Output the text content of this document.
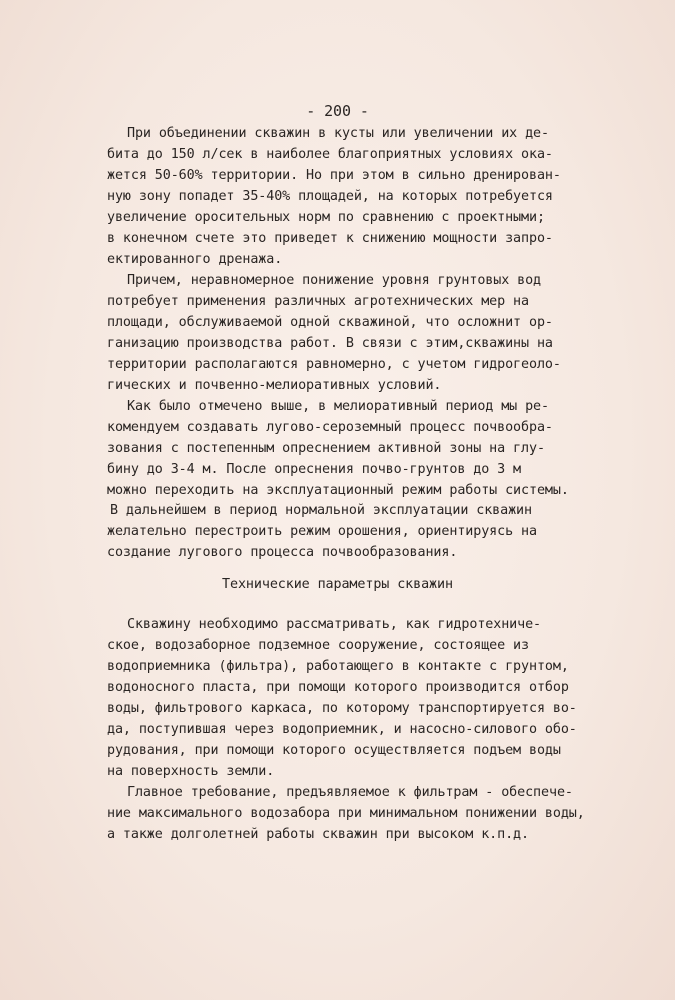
- 200 -
При объединении скважин в кусты или увеличении их де-
бита до 150 л/сек в наиболее благоприятных условиях ока-
жется 50-60% территории. Но при этом в сильно дренирован-
ную зону попадет 35-40% площадей, на которых потребуется
увеличение оросительных норм по сравнению с проектными;
в конечном счете это приведет к снижению мощности запро-
ектированного дренажа.
Причем, неравномерное понижение уровня грунтовых вод
потребует применения различных агротехнических мер на
площади, обслуживаемой одной скважиной, что осложнит ор-
ганизацию производства работ. В связи с этим,скважины на
территории располагаются равномерно, с учетом гидрогеоло-
гических и почвенно-мелиоративных условий.
Как было отмечено выше, в мелиоративный период мы ре-
комендуем создавать лугово-сероземный процесс почвообра-
зования с постепенным опреснением активной зоны на глу-
бину до 3-4 м. После опреснения почво-грунтов до 3 м
можно переходить на эксплуатационный режим работы системы.
В дальнейшем в период нормальной эксплуатации скважин
желательно перестроить режим орошения, ориентируясь на
создание лугового процесса почвообразования.
Технические параметры скважин
Скважину необходимо рассматривать, как гидротехниче-
ское, водозаборное подземное сооружение, состоящее из
водоприемника (фильтра), работающего в контакте с грунтом,
водоносного пласта, при помощи которого производится отбор
воды, фильтрового каркаса, по которому транспортируется во-
да, поступившая через водоприемник, и насосно-силового обо-
рудования, при помощи которого осуществляется подъем воды
на поверхность земли.
Главное требование, предъявляемое к фильтрам - обеспече-
ние максимального водозабора при минимальном понижении воды,
а также долголетней работы скважин при высоком к.п.д.
